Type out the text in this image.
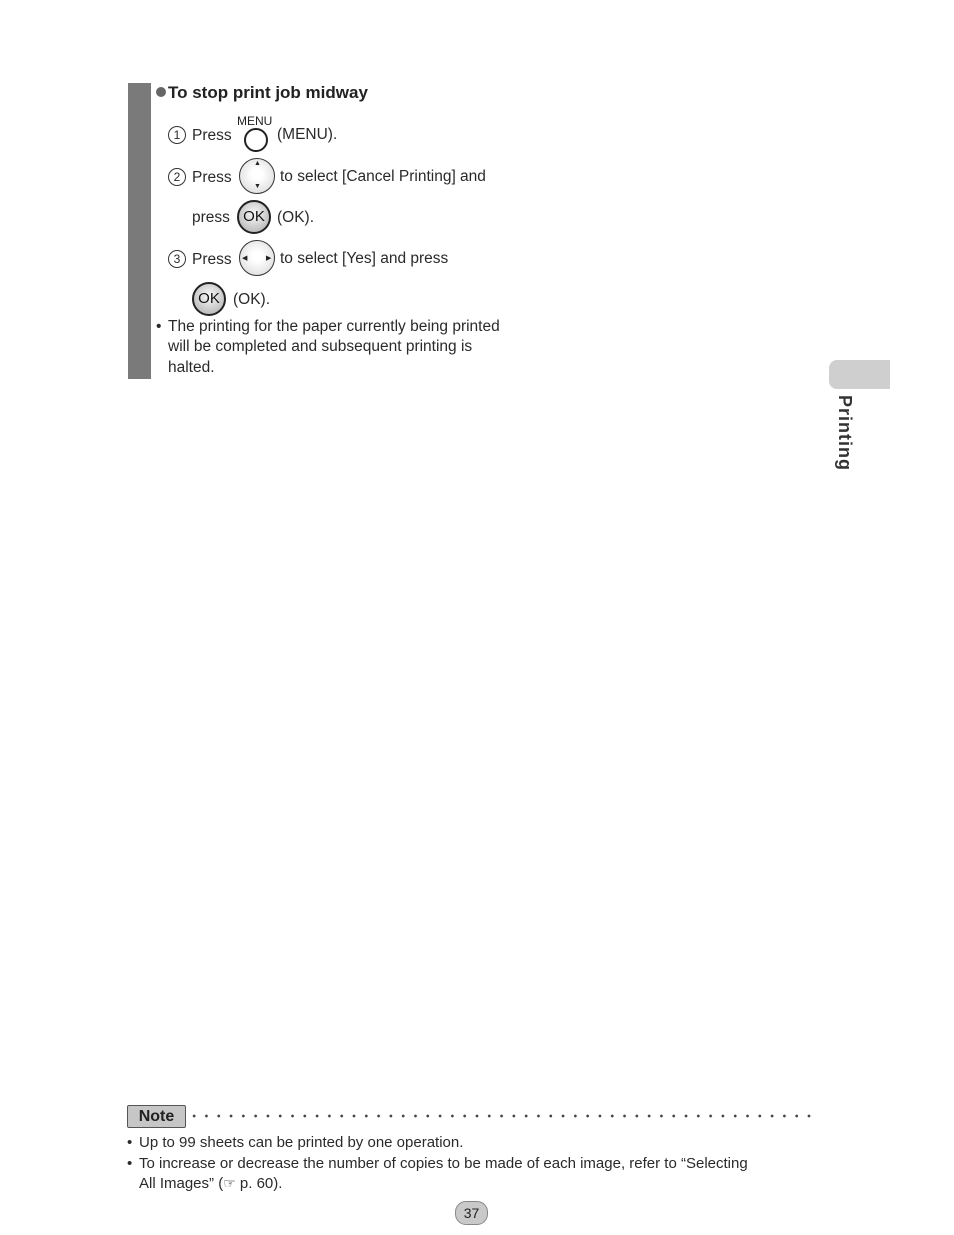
To stop print job midway
1 Press
MENU
(MENU).
2 Press
▲
▼
to select [Cancel Printing] and
press OK (OK).
3 Press ◀	▶ to select [Yes] and press
OK (OK).
• The printing for the paper currently being printed
will be completed and subsequent printing is
halted.
Printing
Note
• Up to 99 sheets can be printed by one operation.
• To increase or decrease the number of copies to be made of each image, refer to “Selecting
All Images” (☞ p. 60).
37
